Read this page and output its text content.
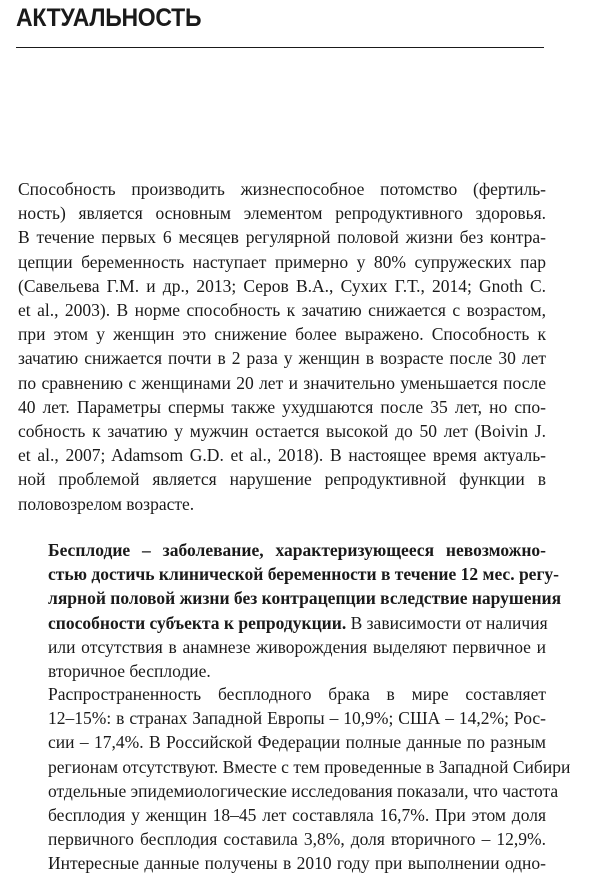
АКТУАЛЬНОСТЬ
Способность производить жизнеспособное потомство (фертиль-
ность) является основным элементом репродуктивного здоровья.
В течение первых 6 месяцев регулярной половой жизни без контра-
цепции беременность наступает примерно у 80% супружеских пар
(Савельева Г.М. и др., 2013; Серов В.А., Сухих Г.Т., 2014; Gnoth C.
et al., 2003). В норме способность к зачатию снижается с возрастом,
при этом у женщин это снижение более выражено. Способность к
зачатию снижается почти в 2 раза у женщин в возрасте после 30 лет
по сравнению с женщинами 20 лет и значительно уменьшается после
40 лет. Параметры спермы также ухудшаются после 35 лет, но спо-
собность к зачатию у мужчин остается высокой до 50 лет (Boivin J.
et al., 2007; Adamsom G.D. et al., 2018). В настоящее время актуаль-
ной проблемой является нарушение репродуктивной функции в
половозрелом возрасте.
Бесплодие – заболевание, характеризующееся невозможно-
стью достичь клинической беременности в течение 12 мес. регу-
лярной половой жизни без контрацепции вследствие нарушения
способности субъекта к репродукции. В зависимости от наличия
или отсутствия в анамнезе живорождения выделяют первичное и
вторичное бесплодие.
Распространенность бесплодного брака в мире составляет
12–15%: в странах Западной Европы – 10,9%; США – 14,2%; Рос-
сии – 17,4%. В Российской Федерации полные данные по разным
регионам отсутствуют. Вместе с тем проведенные в Западной Сибири
отдельные эпидемиологические исследования показали, что частота
бесплодия у женщин 18–45 лет составляла 16,7%. При этом доля
первичного бесплодия составила 3,8%, доля вторичного – 12,9%.
Интересные данные получены в 2010 году при выполнении одно-
